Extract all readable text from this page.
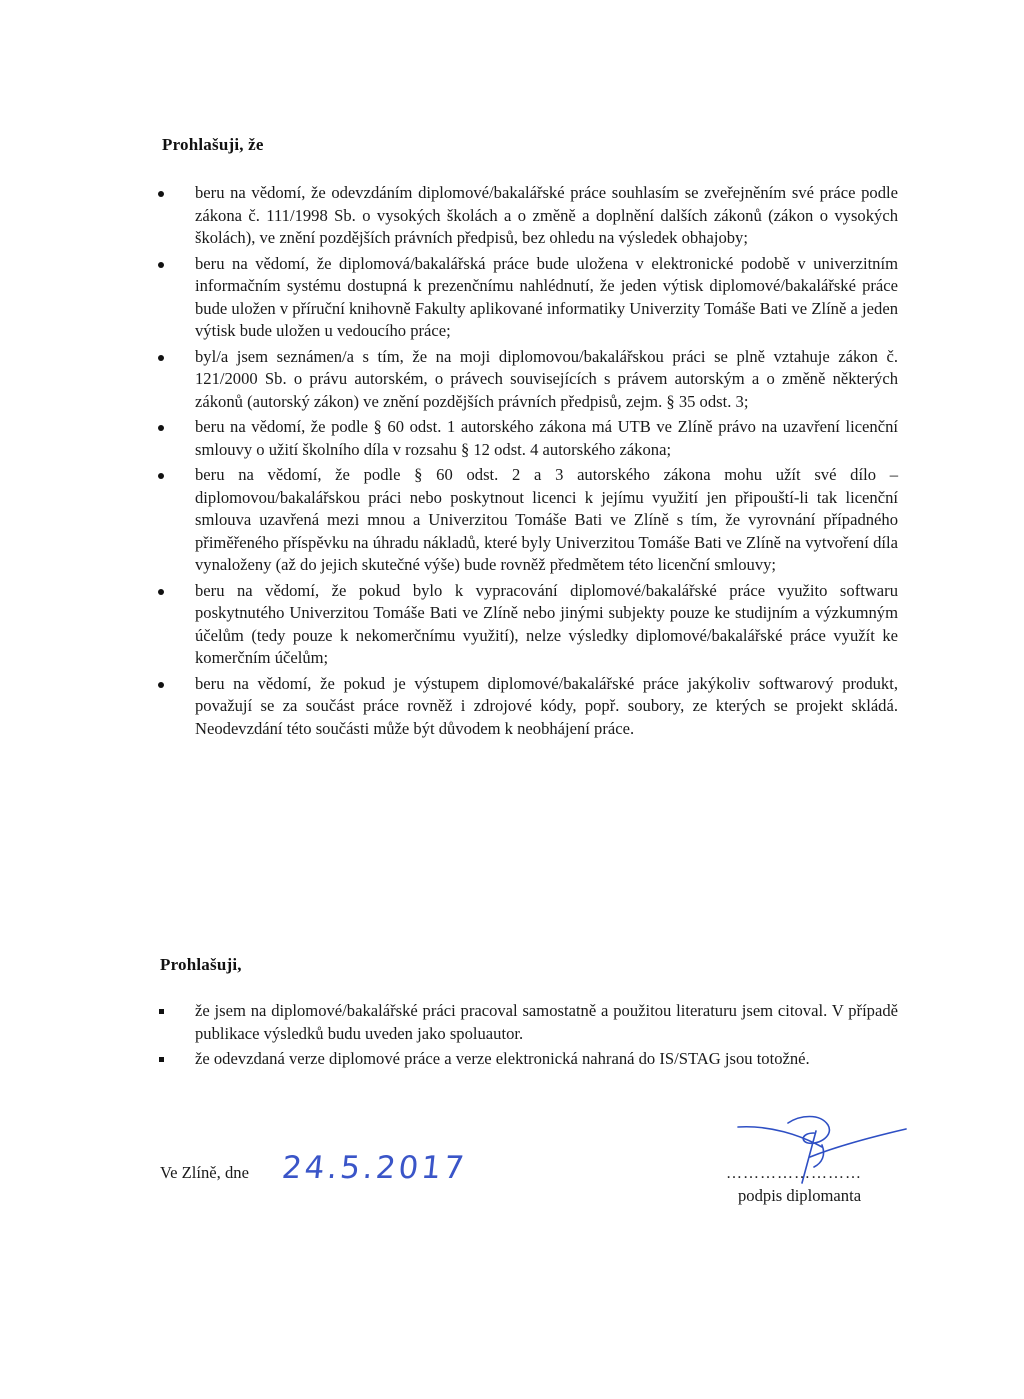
Prohlašuji, že
beru na vědomí, že odevzdáním diplomové/bakalářské práce souhlasím se zveřejněním své práce podle zákona č. 111/1998 Sb. o vysokých školách a o změně a doplnění dalších zákonů (zákon o vysokých školách), ve znění pozdějších právních předpisů, bez ohledu na výsledek obhajoby;
beru na vědomí, že diplomová/bakalářská práce bude uložena v elektronické podobě v univerzitním informačním systému dostupná k prezenčnímu nahlédnutí, že jeden výtisk diplomové/bakalářské práce bude uložen v příruční knihovně Fakulty aplikované informatiky Univerzity Tomáše Bati ve Zlíně a jeden výtisk bude uložen u vedoucího práce;
byl/a jsem seznámen/a s tím, že na moji diplomovou/bakalářskou práci se plně vztahuje zákon č. 121/2000 Sb. o právu autorském, o právech souvisejících s právem autorským a o změně některých zákonů (autorský zákon) ve znění pozdějších právních předpisů, zejm. § 35 odst. 3;
beru na vědomí, že podle § 60 odst. 1 autorského zákona má UTB ve Zlíně právo na uzavření licenční smlouvy o užití školního díla v rozsahu § 12 odst. 4 autorského zákona;
beru na vědomí, že podle § 60 odst. 2 a 3 autorského zákona mohu užít své dílo – diplomovou/bakalářskou práci nebo poskytnout licenci k jejímu využití jen připouští-li tak licenční smlouva uzavřená mezi mnou a Univerzitou Tomáše Bati ve Zlíně s tím, že vyrovnání případného přiměřeného příspěvku na úhradu nákladů, které byly Univerzitou Tomáše Bati ve Zlíně na vytvoření díla vynaloženy (až do jejich skutečné výše) bude rovněž předmětem této licenční smlouvy;
beru na vědomí, že pokud bylo k vypracování diplomové/bakalářské práce využito softwaru poskytnutého Univerzitou Tomáše Bati ve Zlíně nebo jinými subjekty pouze ke studijním a výzkumným účelům (tedy pouze k nekomerčnímu využití), nelze výsledky diplomové/bakalářské práce využít ke komerčním účelům;
beru na vědomí, že pokud je výstupem diplomové/bakalářské práce jakýkoliv softwarový produkt, považují se za součást práce rovněž i zdrojové kódy, popř. soubory, ze kterých se projekt skládá. Neodevzdání této součásti může být důvodem k neobhájení práce.
Prohlašuji,
že jsem na diplomové/bakalářské práci pracoval samostatně a použitou literaturu jsem citoval. V případě publikace výsledků budu uveden jako spoluautor.
že odevzdaná verze diplomové práce a verze elektronická nahraná do IS/STAG jsou totožné.
Ve Zlíně, dne 24.5.2017	……………………
podpis diplomanta
